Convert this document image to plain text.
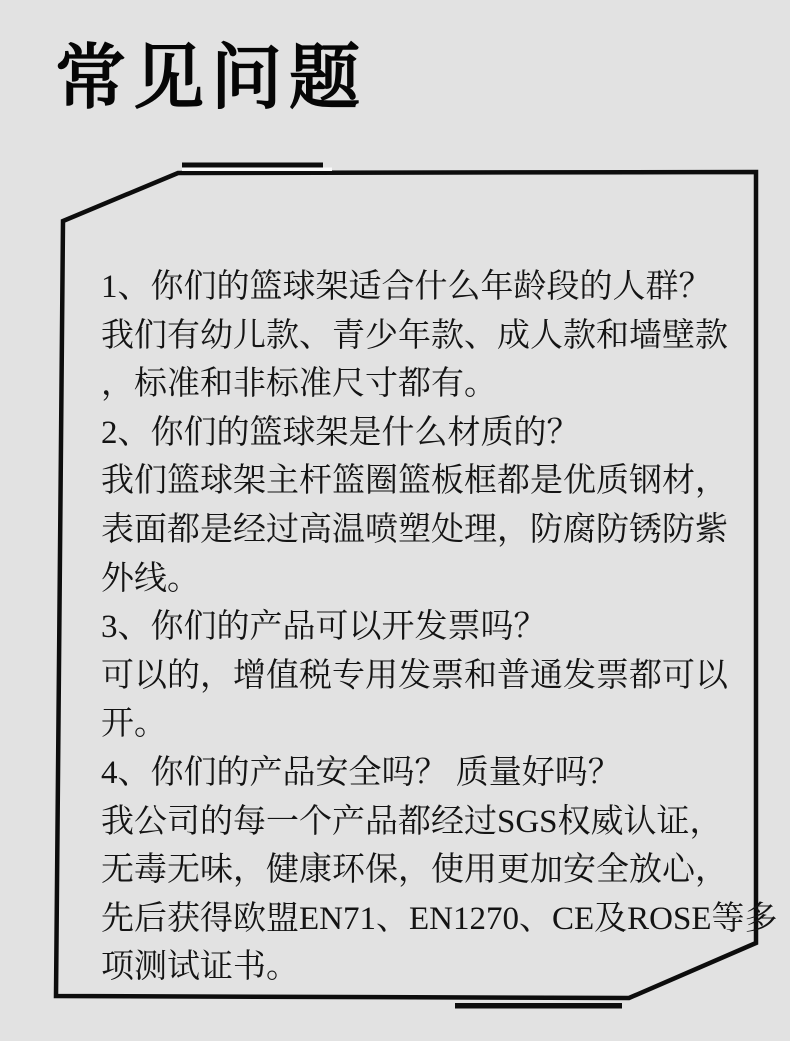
常见问题
1、你们的篮球架适合什么年龄段的人群？
我们有幼儿款、青少年款、成人款和墙壁款
，标准和非标准尺寸都有。
2、你们的篮球架是什么材质的？
我们篮球架主杆篮圈篮板框都是优质钢材，
表面都是经过高温喷塑处理，防腐防锈防紫
外线。
3、你们的产品可以开发票吗？
可以的，增值税专用发票和普通发票都可以
开。
4、你们的产品安全吗？ 质量好吗？
我公司的每一个产品都经过SGS权威认证，
无毒无味，健康环保，使用更加安全放心，
先后获得欧盟EN71、EN1270、CE及ROSE等多
项测试证书。
